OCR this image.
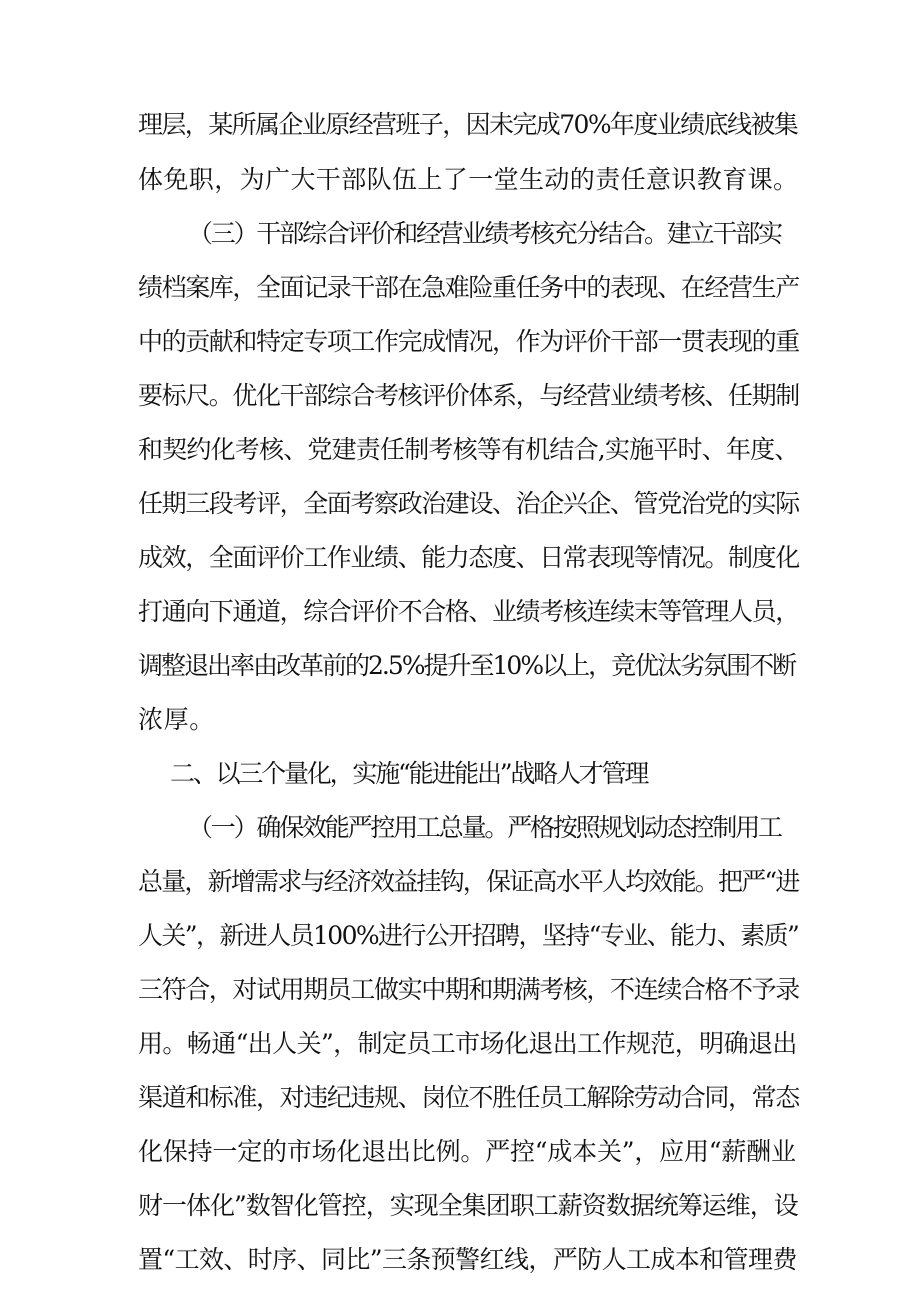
理层，某所属企业原经营班子，因未完成70%年度业绩底线被集
体免职，为广大干部队伍上了一堂生动的责任意识教育课。
（三）干部综合评价和经营业绩考核充分结合。建立干部实
绩档案库，全面记录干部在急难险重任务中的表现、在经营生产
中的贡献和特定专项工作完成情况，作为评价干部一贯表现的重
要标尺。优化干部综合考核评价体系，与经营业绩考核、任期制
和契约化考核、党建责任制考核等有机结合,实施平时、年度、
任期三段考评，全面考察政治建设、治企兴企、管党治党的实际
成效，全面评价工作业绩、能力态度、日常表现等情况。制度化
打通向下通道，综合评价不合格、业绩考核连续末等管理人员，
调整退出率由改革前的2.5%提升至10%以上，竞优汰劣氛围不断
浓厚。
二、以三个量化，实施“能进能出”战略人才管理
（一）确保效能严控用工总量。严格按照规划动态控制用工
总量，新增需求与经济效益挂钩，保证高水平人均效能。把严“进
人关”，新进人员100%进行公开招聘，坚持“专业、能力、素质”
三符合，对试用期员工做实中期和期满考核，不连续合格不予录
用。畅通“出人关”，制定员工市场化退出工作规范，明确退出
渠道和标准，对违纪违规、岗位不胜任员工解除劳动合同，常态
化保持一定的市场化退出比例。严控“成本关”，应用“薪酬业
财一体化”数智化管控，实现全集团职工薪资数据统筹运维，设
置“工效、时序、同比”三条预警红线，严防人工成本和管理费
